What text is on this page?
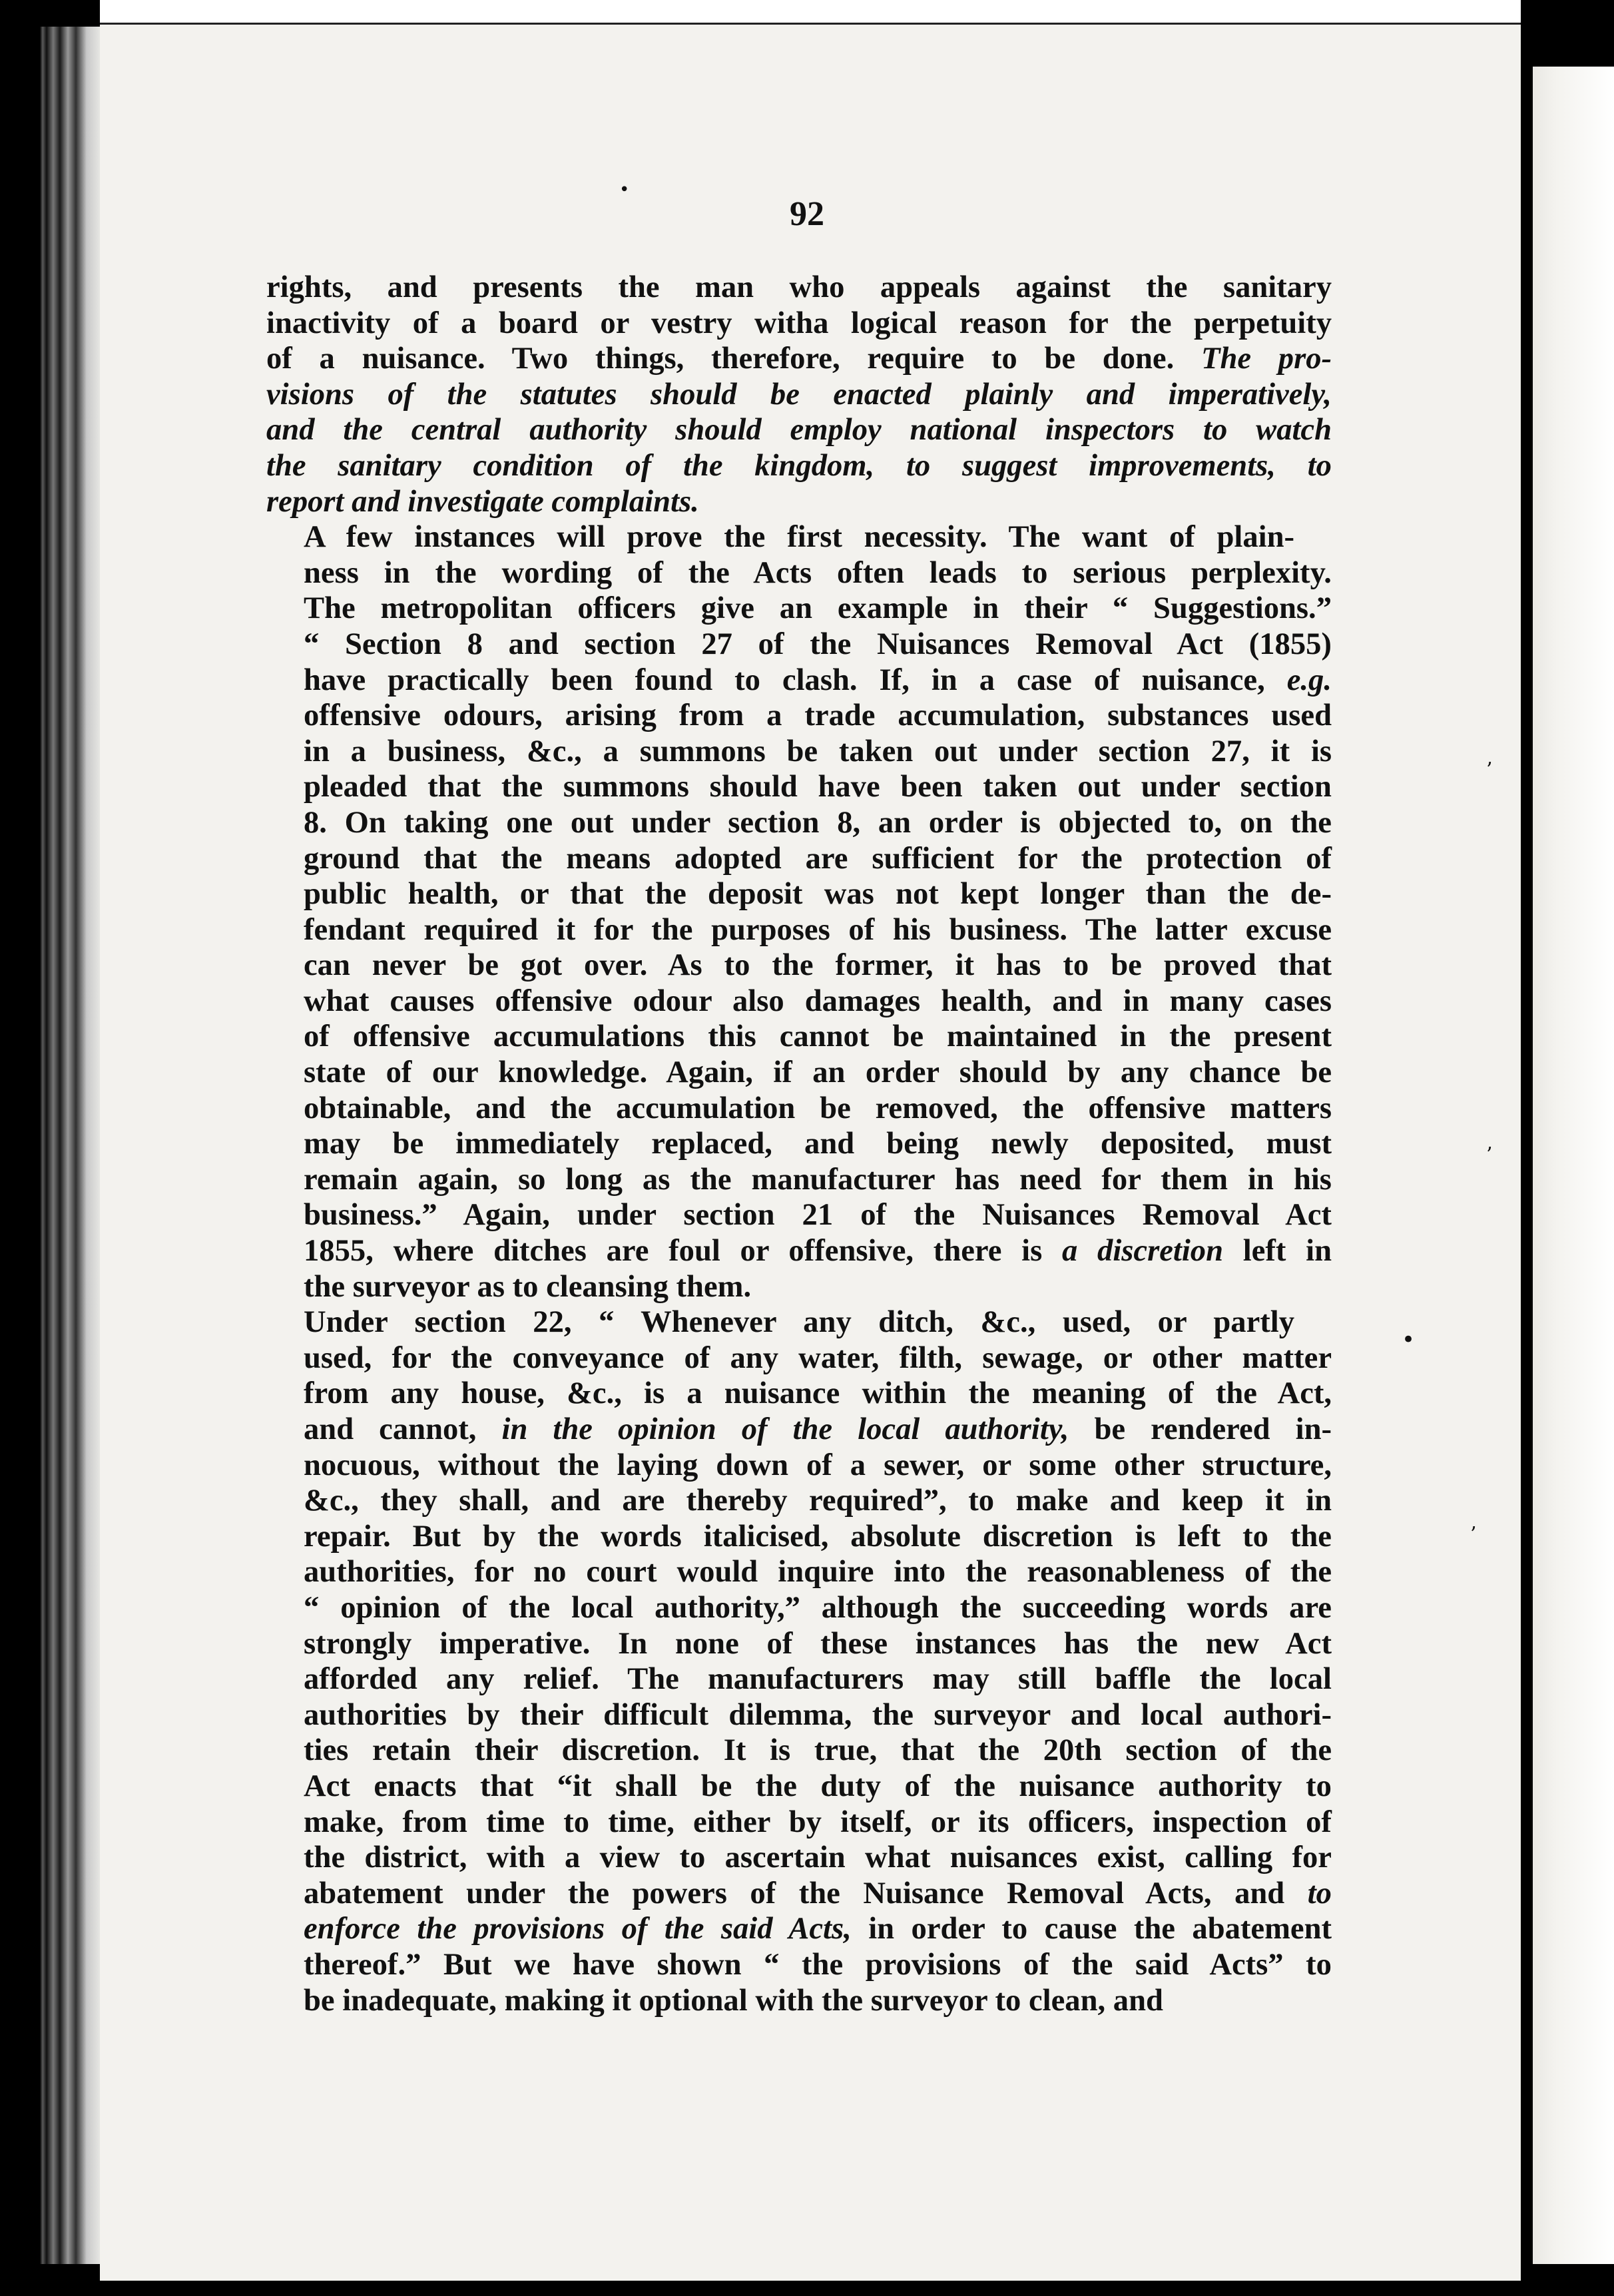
•
•
’
’
’
92
rights, and presents the man who appeals against the sanitary
inactivity of a board or vestry witha logical reason for the perpetuity
of a nuisance. Two things, therefore, require to be done. The pro-
visions of the statutes should be enacted plainly and imperatively,
and the central authority should employ national inspectors to watch
the sanitary condition of the kingdom, to suggest improvements, to
report and investigate complaints.
A few instances will prove the first necessity. The want of plain-
ness in the wording of the Acts often leads to serious perplexity.
The metropolitan officers give an example in their “ Suggestions.”
“ Section 8 and section 27 of the Nuisances Removal Act (1855)
have practically been found to clash. If, in a case of nuisance, e.g.
offensive odours, arising from a trade accumulation, substances used
in a business, &c., a summons be taken out under section 27, it is
pleaded that the summons should have been taken out under section
8. On taking one out under section 8, an order is objected to, on the
ground that the means adopted are sufficient for the protection of
public health, or that the deposit was not kept longer than the de-
fendant required it for the purposes of his business. The latter excuse
can never be got over. As to the former, it has to be proved that
what causes offensive odour also damages health, and in many cases
of offensive accumulations this cannot be maintained in the present
state of our knowledge. Again, if an order should by any chance be
obtainable, and the accumulation be removed, the offensive matters
may be immediately replaced, and being newly deposited, must
remain again, so long as the manufacturer has need for them in his
business.” Again, under section 21 of the Nuisances Removal Act
1855, where ditches are foul or offensive, there is a discretion left in
the surveyor as to cleansing them.
Under section 22, “ Whenever any ditch, &c., used, or partly
used, for the conveyance of any water, filth, sewage, or other matter
from any house, &c., is a nuisance within the meaning of the Act,
and cannot, in the opinion of the local authority, be rendered in-
nocuous, without the laying down of a sewer, or some other structure,
&c., they shall, and are thereby required”, to make and keep it in
repair. But by the words italicised, absolute discretion is left to the
authorities, for no court would inquire into the reasonableness of the
“ opinion of the local authority,” although the succeeding words are
strongly imperative. In none of these instances has the new Act
afforded any relief. The manufacturers may still baffle the local
authorities by their difficult dilemma, the surveyor and local authori-
ties retain their discretion. It is true, that the 20th section of the
Act enacts that “it shall be the duty of the nuisance authority to
make, from time to time, either by itself, or its officers, inspection of
the district, with a view to ascertain what nuisances exist, calling for
abatement under the powers of the Nuisance Removal Acts, and to
enforce the provisions of the said Acts, in order to cause the abatement
thereof.” But we have shown “ the provisions of the said Acts” to
be inadequate, making it optional with the surveyor to clean, and
